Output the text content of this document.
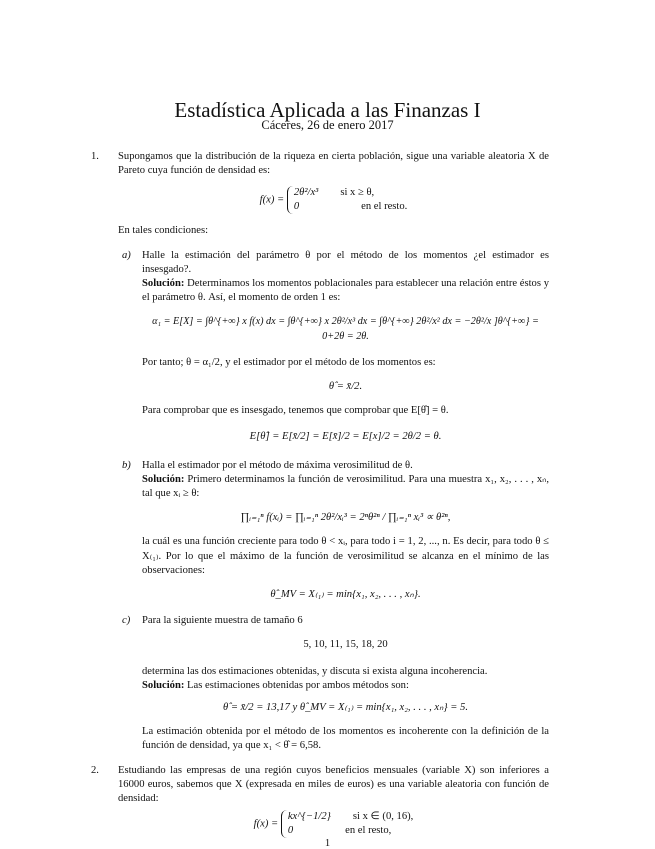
Estadística Aplicada a las Finanzas I
Cáceres, 26 de enero 2017
1. Supongamos que la distribución de la riqueza en cierta población, sigue una variable aleatoria X de Pareto cuya función de densidad es:
f(x) =
2θ²/x³ si x ≥ θ,
0	en el resto.
En tales condiciones:
a) Halle la estimación del parámetro θ por el método de los momentos ¿el estimador es insesgado?.
Solución: Determinamos los momentos poblacionales para establecer una relación entre éstos y el parámetro θ. Así, el momento de orden 1 es:
α₁ = E[X] = ∫θ^{+∞} x f(x) dx = ∫θ^{+∞} x 2θ²/x³ dx = ∫θ^{+∞} 2θ²/x² dx = −2θ²/x ]θ^{+∞} = 0+2θ = 2θ.
Por tanto; θ = α₁/2, y el estimador por el método de los momentos es:
θ̂ = x̄/2.
Para comprobar que es insesgado, tenemos que comprobar que E[θ̂] = θ.
E[θ̂] = E[x̄/2] = E[x̄]/2 = E[x]/2 = 2θ/2 = θ.
b) Halla el estimador por el método de máxima verosimilitud de θ.
Solución: Primero determinamos la función de verosimilitud. Para una muestra x₁, x₂, . . . , xₙ, tal que xᵢ ≥ θ:
∏ᵢ₌₁ⁿ f(xᵢ) = ∏ᵢ₌₁ⁿ 2θ²/xᵢ³ = 2ⁿθ²ⁿ / ∏ᵢ₌₁ⁿ xᵢ³ ∝ θ²ⁿ,
la cuál es una función creciente para todo θ < xᵢ, para todo i = 1, 2, ..., n. Es decir, para todo θ ≤ X₍₁₎. Por lo que el máximo de la función de verosimilitud se alcanza en el mínimo de las observaciones:
θ̂_MV = X₍₁₎ = min{x₁, x₂, . . . , xₙ}.
c) Para la siguiente muestra de tamaño 6
5, 10, 11, 15, 18, 20
determina las dos estimaciones obtenidas, y discuta si exista alguna incoherencia.
Solución: Las estimaciones obtenidas por ambos métodos son:
θ̂ = x̄/2 = 13,17 y θ̂_MV = X₍₁₎ = min{x₁, x₂, . . . , xₙ} = 5.
La estimación obtenida por el método de los momentos es incoherente con la definición de la función de densidad, ya que x₁ < θ̂ = 6,58.
2. Estudiando las empresas de una región cuyos beneficios mensuales (variable X) son inferiores a 16000 euros, sabemos que X (expresada en miles de euros) es una variable aleatoria con función de densidad:
f(x) =
kx^{−1/2} si x ∈ (0, 16),
0	en el resto,
1
